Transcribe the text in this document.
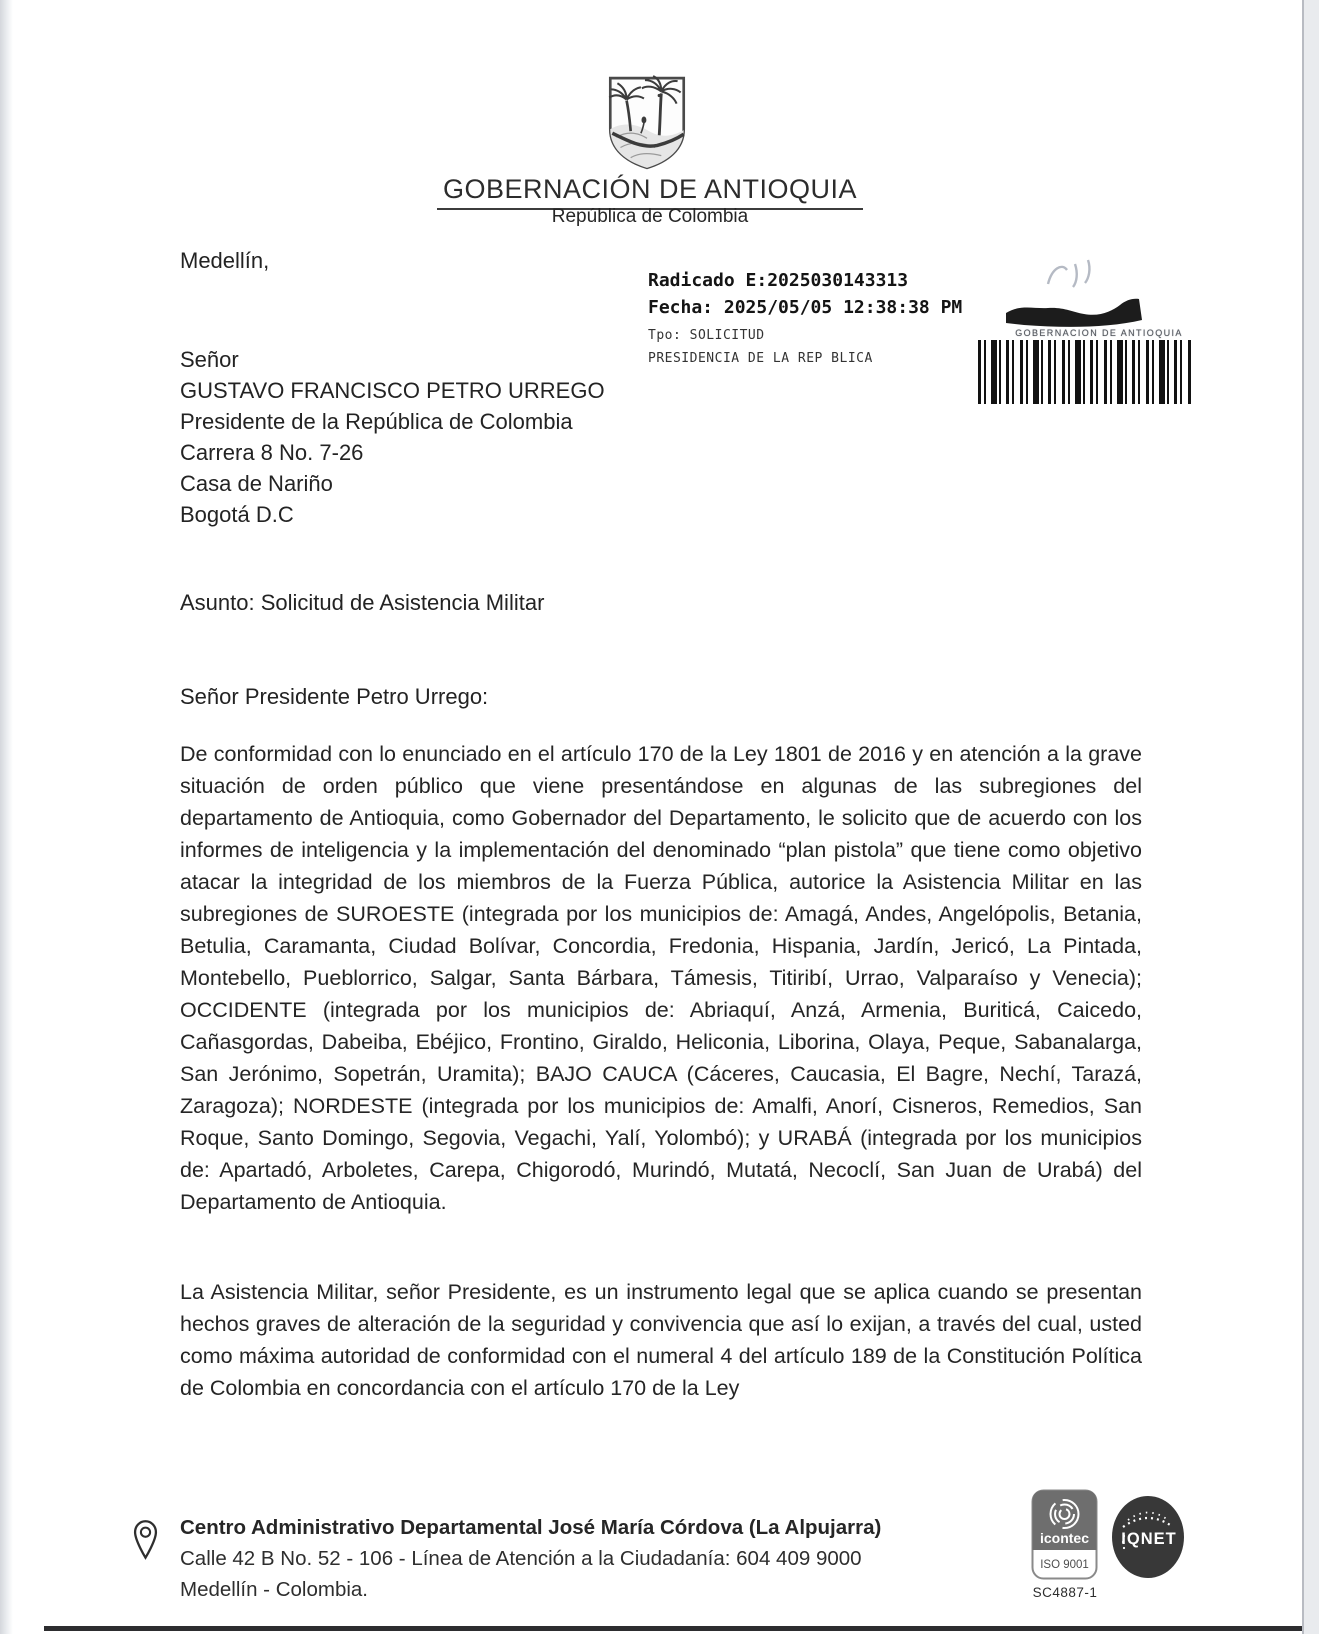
GOBERNACIÓN DE ANTIOQUIA
República de Colombia
Medellín,
Radicado E:2025030143313
Fecha: 2025/05/05 12:38:38 PM
Tpo: SOLICITUD
PRESIDENCIA DE LA REP BLICA
GOBERNACION DE ANTIOQUIA
Señor
GUSTAVO FRANCISCO PETRO URREGO
Presidente de la República de Colombia
Carrera 8 No. 7-26
Casa de Nariño
Bogotá D.C
Asunto: Solicitud de Asistencia Militar
Señor Presidente Petro Urrego:
De conformidad con lo enunciado en el artículo 170 de la Ley 1801 de 2016 y en atención a la grave situación de orden público que viene presentándose en algunas de las subregiones del departamento de Antioquia, como Gobernador del Departamento, le solicito que de acuerdo con los informes de inteligencia y la implementación del denominado “plan pistola” que tiene como objetivo atacar la integridad de los miembros de la Fuerza Pública, autorice la Asistencia Militar en las subregiones de SUROESTE (integrada por los municipios de: Amagá, Andes, Angelópolis, Betania, Betulia, Caramanta, Ciudad Bolívar, Concordia, Fredonia, Hispania, Jardín, Jericó, La Pintada, Montebello, Pueblorrico, Salgar, Santa Bárbara, Támesis, Titiribí, Urrao, Valparaíso y Venecia); OCCIDENTE (integrada por los municipios de: Abriaquí, Anzá, Armenia, Buriticá, Caicedo, Cañasgordas, Dabeiba, Ebéjico, Frontino, Giraldo, Heliconia, Liborina, Olaya, Peque, Sabanalarga, San Jerónimo, Sopetrán, Uramita); BAJO CAUCA (Cáceres, Caucasia, El Bagre, Nechí, Tarazá, Zaragoza); NORDESTE (integrada por los municipios de: Amalfi, Anorí, Cisneros, Remedios, San Roque, Santo Domingo, Segovia, Vegachi, Yalí, Yolombó); y URABÁ (integrada por los municipios de: Apartadó, Arboletes, Carepa, Chigorodó, Murindó, Mutatá, Necoclí, San Juan de Urabá) del Departamento de Antioquia.
La Asistencia Militar, señor Presidente, es un instrumento legal que se aplica cuando se presentan hechos graves de alteración de la seguridad y convivencia que así lo exijan, a través del cual, usted como máxima autoridad de conformidad con el numeral 4 del artículo 189 de la Constitución Política de Colombia en concordancia con el artículo 170 de la Ley
Centro Administrativo Departamental José María Córdova (La Alpujarra)
Calle 42 B No. 52 - 106 - Línea de Atención a la Ciudadanía: 604 409 9000
Medellín - Colombia.
icontec
ISO 9001
IQNET
SC4887-1
